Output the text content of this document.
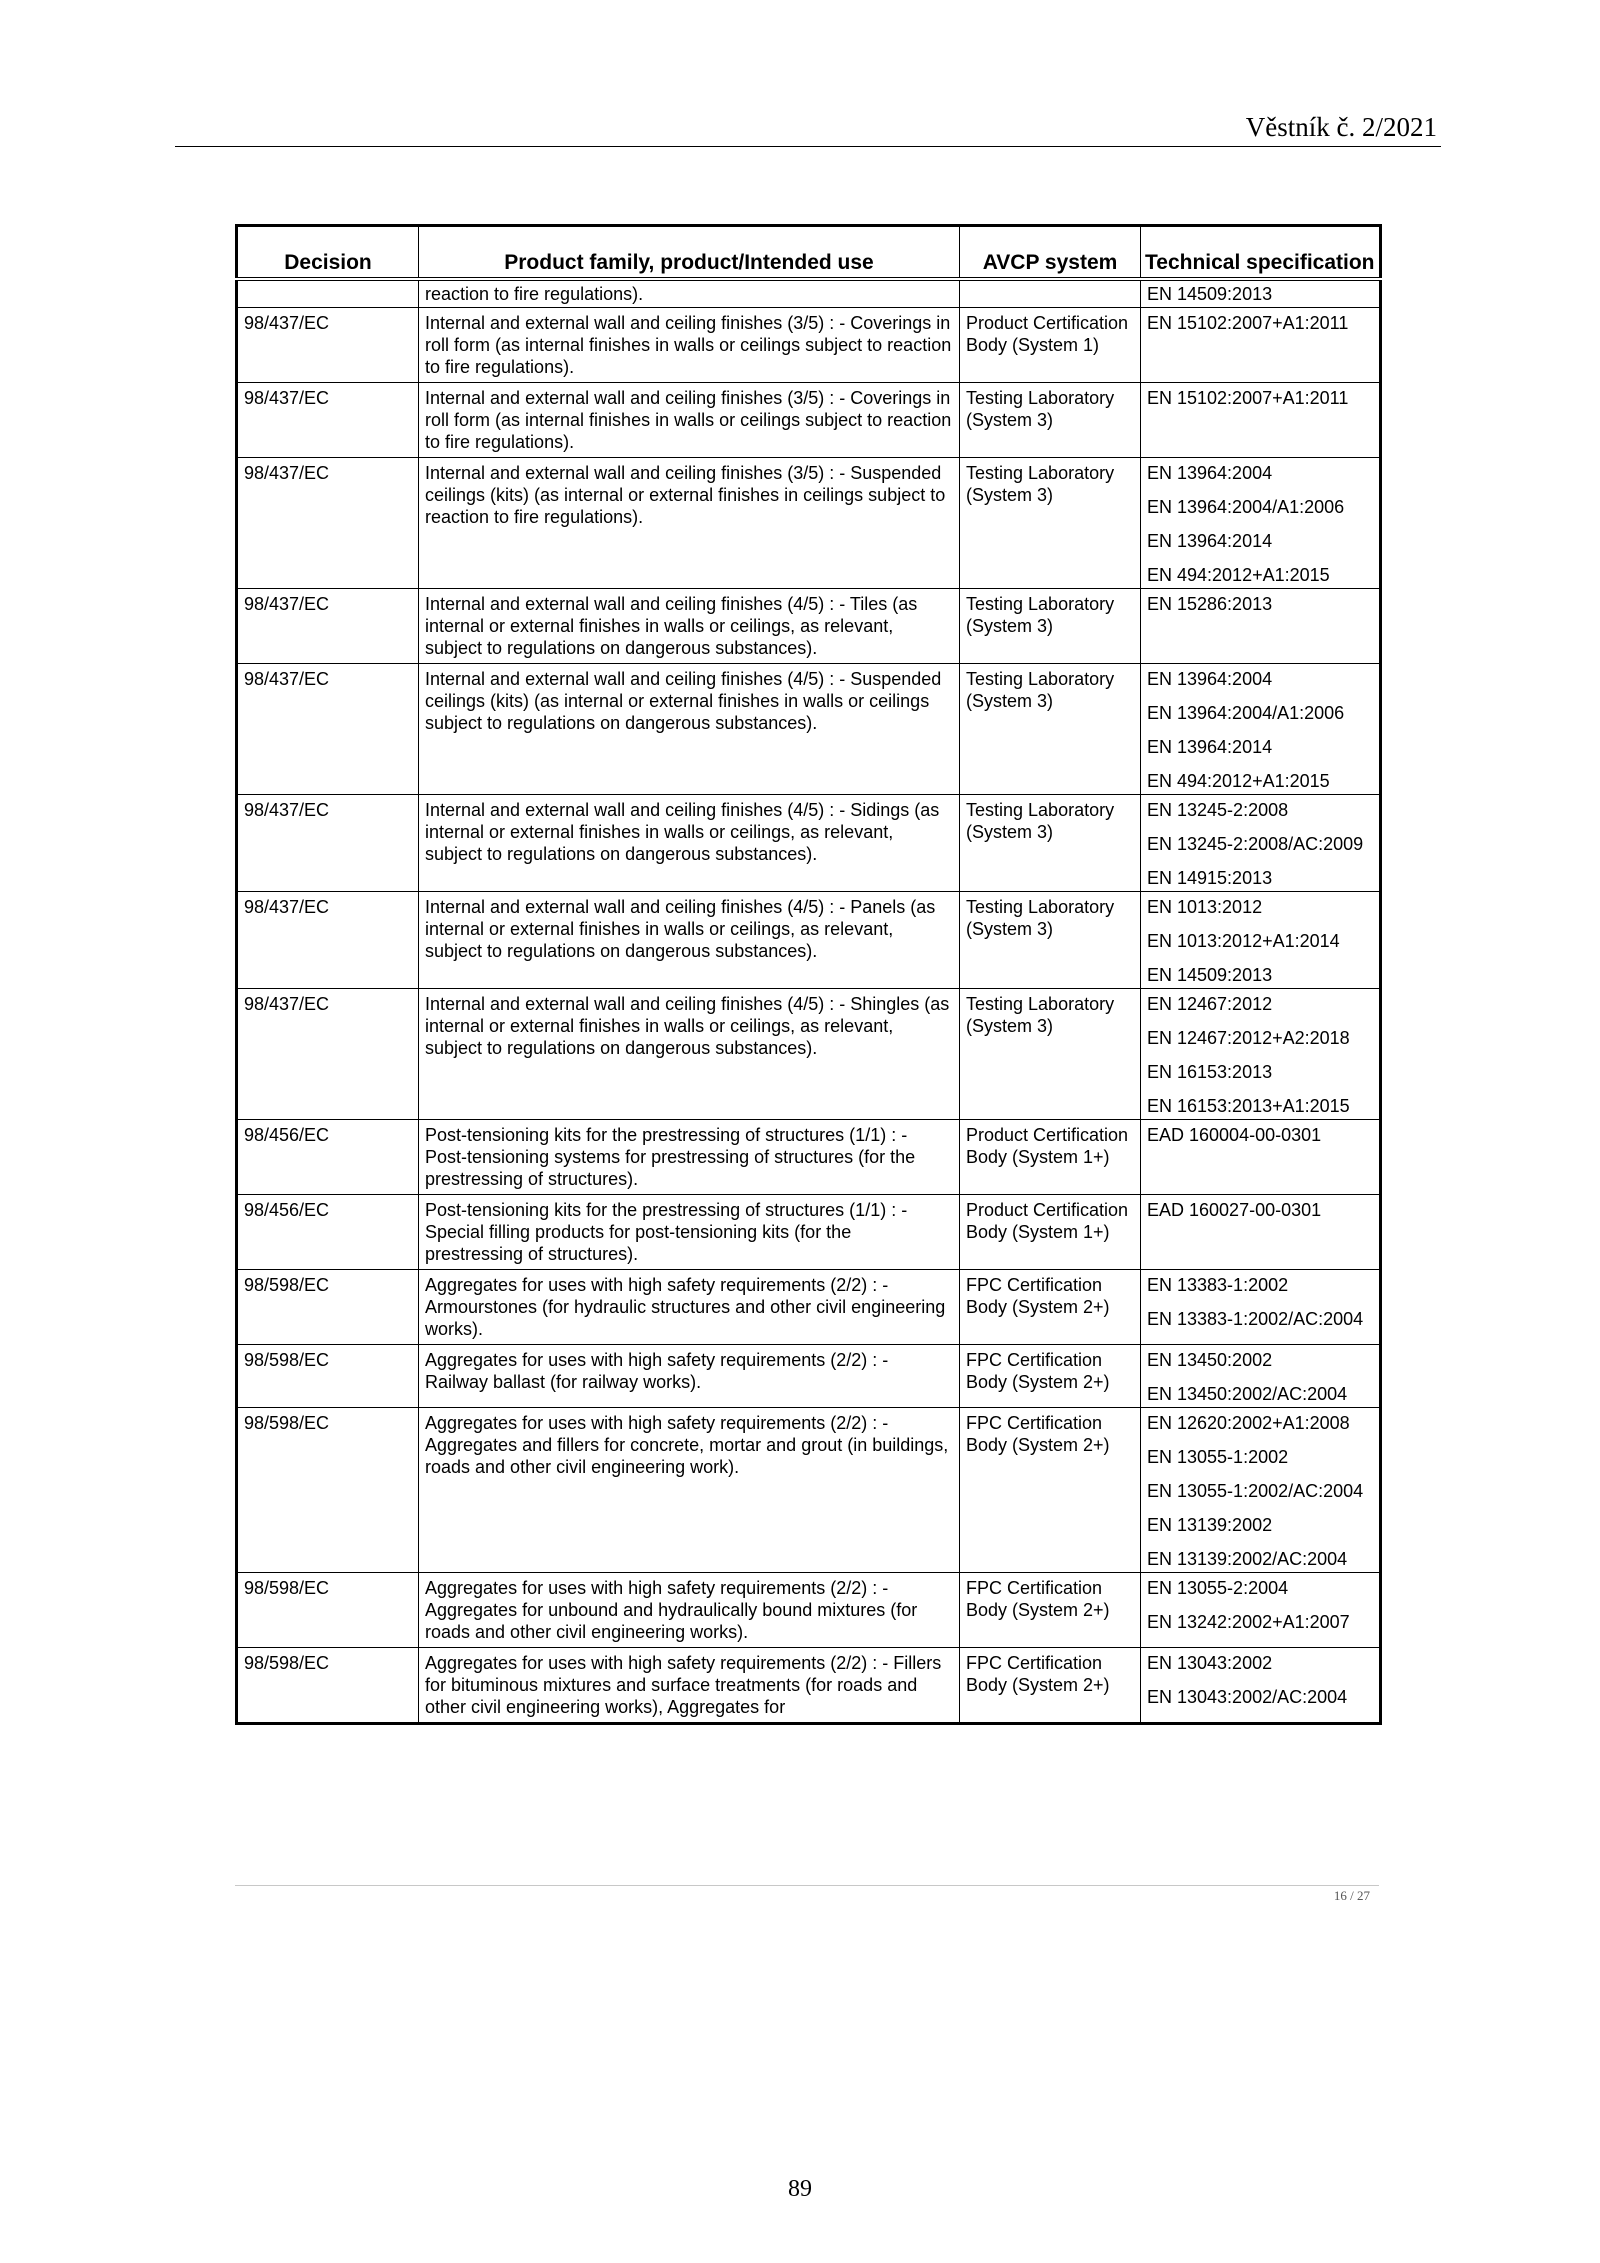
Věstník č. 2/2021
Decision	Product family, product/Intended use	AVCP system	Technical specification
	reaction to fire regulations).		EN 14509:2013
98/437/EC	Internal and external wall and ceiling finishes (3/5) : - Coverings in roll form (as internal finishes in walls or ceilings subject to reaction to fire regulations).	Product Certification Body (System 1)	EN 15102:2007+A1:2011

98/437/EC	Internal and external wall and ceiling finishes (3/5) : - Coverings in roll form (as internal finishes in walls or ceilings subject to reaction to fire regulations).	Testing Laboratory (System 3)	EN 15102:2007+A1:2011

98/437/EC	Internal and external wall and ceiling finishes (3/5) : - Suspended ceilings (kits) (as internal or external finishes in ceilings subject to reaction to fire regulations).	Testing Laboratory (System 3)	EN 13964:2004
EN 13964:2004/A1:2006
EN 13964:2014
EN 494:2012+A1:2015

98/437/EC	Internal and external wall and ceiling finishes (4/5) : - Tiles (as internal or external finishes in walls or ceilings, as relevant, subject to regulations on dangerous substances).	Testing Laboratory (System 3)	EN 15286:2013

98/437/EC	Internal and external wall and ceiling finishes (4/5) : - Suspended ceilings (kits) (as internal or external finishes in walls or ceilings subject to regulations on dangerous substances).	Testing Laboratory (System 3)	EN 13964:2004
EN 13964:2004/A1:2006
EN 13964:2014
EN 494:2012+A1:2015

98/437/EC	Internal and external wall and ceiling finishes (4/5) : - Sidings (as internal or external finishes in walls or ceilings, as relevant, subject to regulations on dangerous substances).	Testing Laboratory (System 3)	EN 13245-2:2008
EN 13245-2:2008/AC:2009
EN 14915:2013

98/437/EC	Internal and external wall and ceiling finishes (4/5) : - Panels (as internal or external finishes in walls or ceilings, as relevant, subject to regulations on dangerous substances).	Testing Laboratory (System 3)	EN 1013:2012
EN 1013:2012+A1:2014
EN 14509:2013

98/437/EC	Internal and external wall and ceiling finishes (4/5) : - Shingles (as internal or external finishes in walls or ceilings, as relevant, subject to regulations on dangerous substances).	Testing Laboratory (System 3)	EN 12467:2012
EN 12467:2012+A2:2018
EN 16153:2013
EN 16153:2013+A1:2015

98/456/EC	Post-tensioning kits for the prestressing of structures (1/1) : - Post-tensioning systems for prestressing of structures (for the prestressing of structures).	Product Certification Body (System 1+)	EAD 160004-00-0301

98/456/EC	Post-tensioning kits for the prestressing of structures (1/1) : - Special filling products for post-tensioning kits (for the prestressing of structures).	Product Certification Body (System 1+)	EAD 160027-00-0301

98/598/EC	Aggregates for uses with high safety requirements (2/2) : - Armourstones (for hydraulic structures and other civil engineering works).	FPC Certification Body (System 2+)	EN 13383-1:2002
EN 13383-1:2002/AC:2004

98/598/EC	Aggregates for uses with high safety requirements (2/2) : - Railway ballast (for railway works).	FPC Certification Body (System 2+)	EN 13450:2002
EN 13450:2002/AC:2004

98/598/EC	Aggregates for uses with high safety requirements (2/2) : - Aggregates and fillers for concrete, mortar and grout (in buildings, roads and other civil engineering work).	FPC Certification Body (System 2+)	EN 12620:2002+A1:2008
EN 13055-1:2002
EN 13055-1:2002/AC:2004
EN 13139:2002
EN 13139:2002/AC:2004

98/598/EC	Aggregates for uses with high safety requirements (2/2) : - Aggregates for unbound and hydraulically bound mixtures (for roads and other civil engineering works).	FPC Certification Body (System 2+)	EN 13055-2:2004
EN 13242:2002+A1:2007

98/598/EC	Aggregates for uses with high safety requirements (2/2) : - Fillers for bituminous mixtures and surface treatments (for roads and other civil engineering works), Aggregates for	FPC Certification Body (System 2+)	EN 13043:2002
EN 13043:2002/AC:2004
16 / 27
89
